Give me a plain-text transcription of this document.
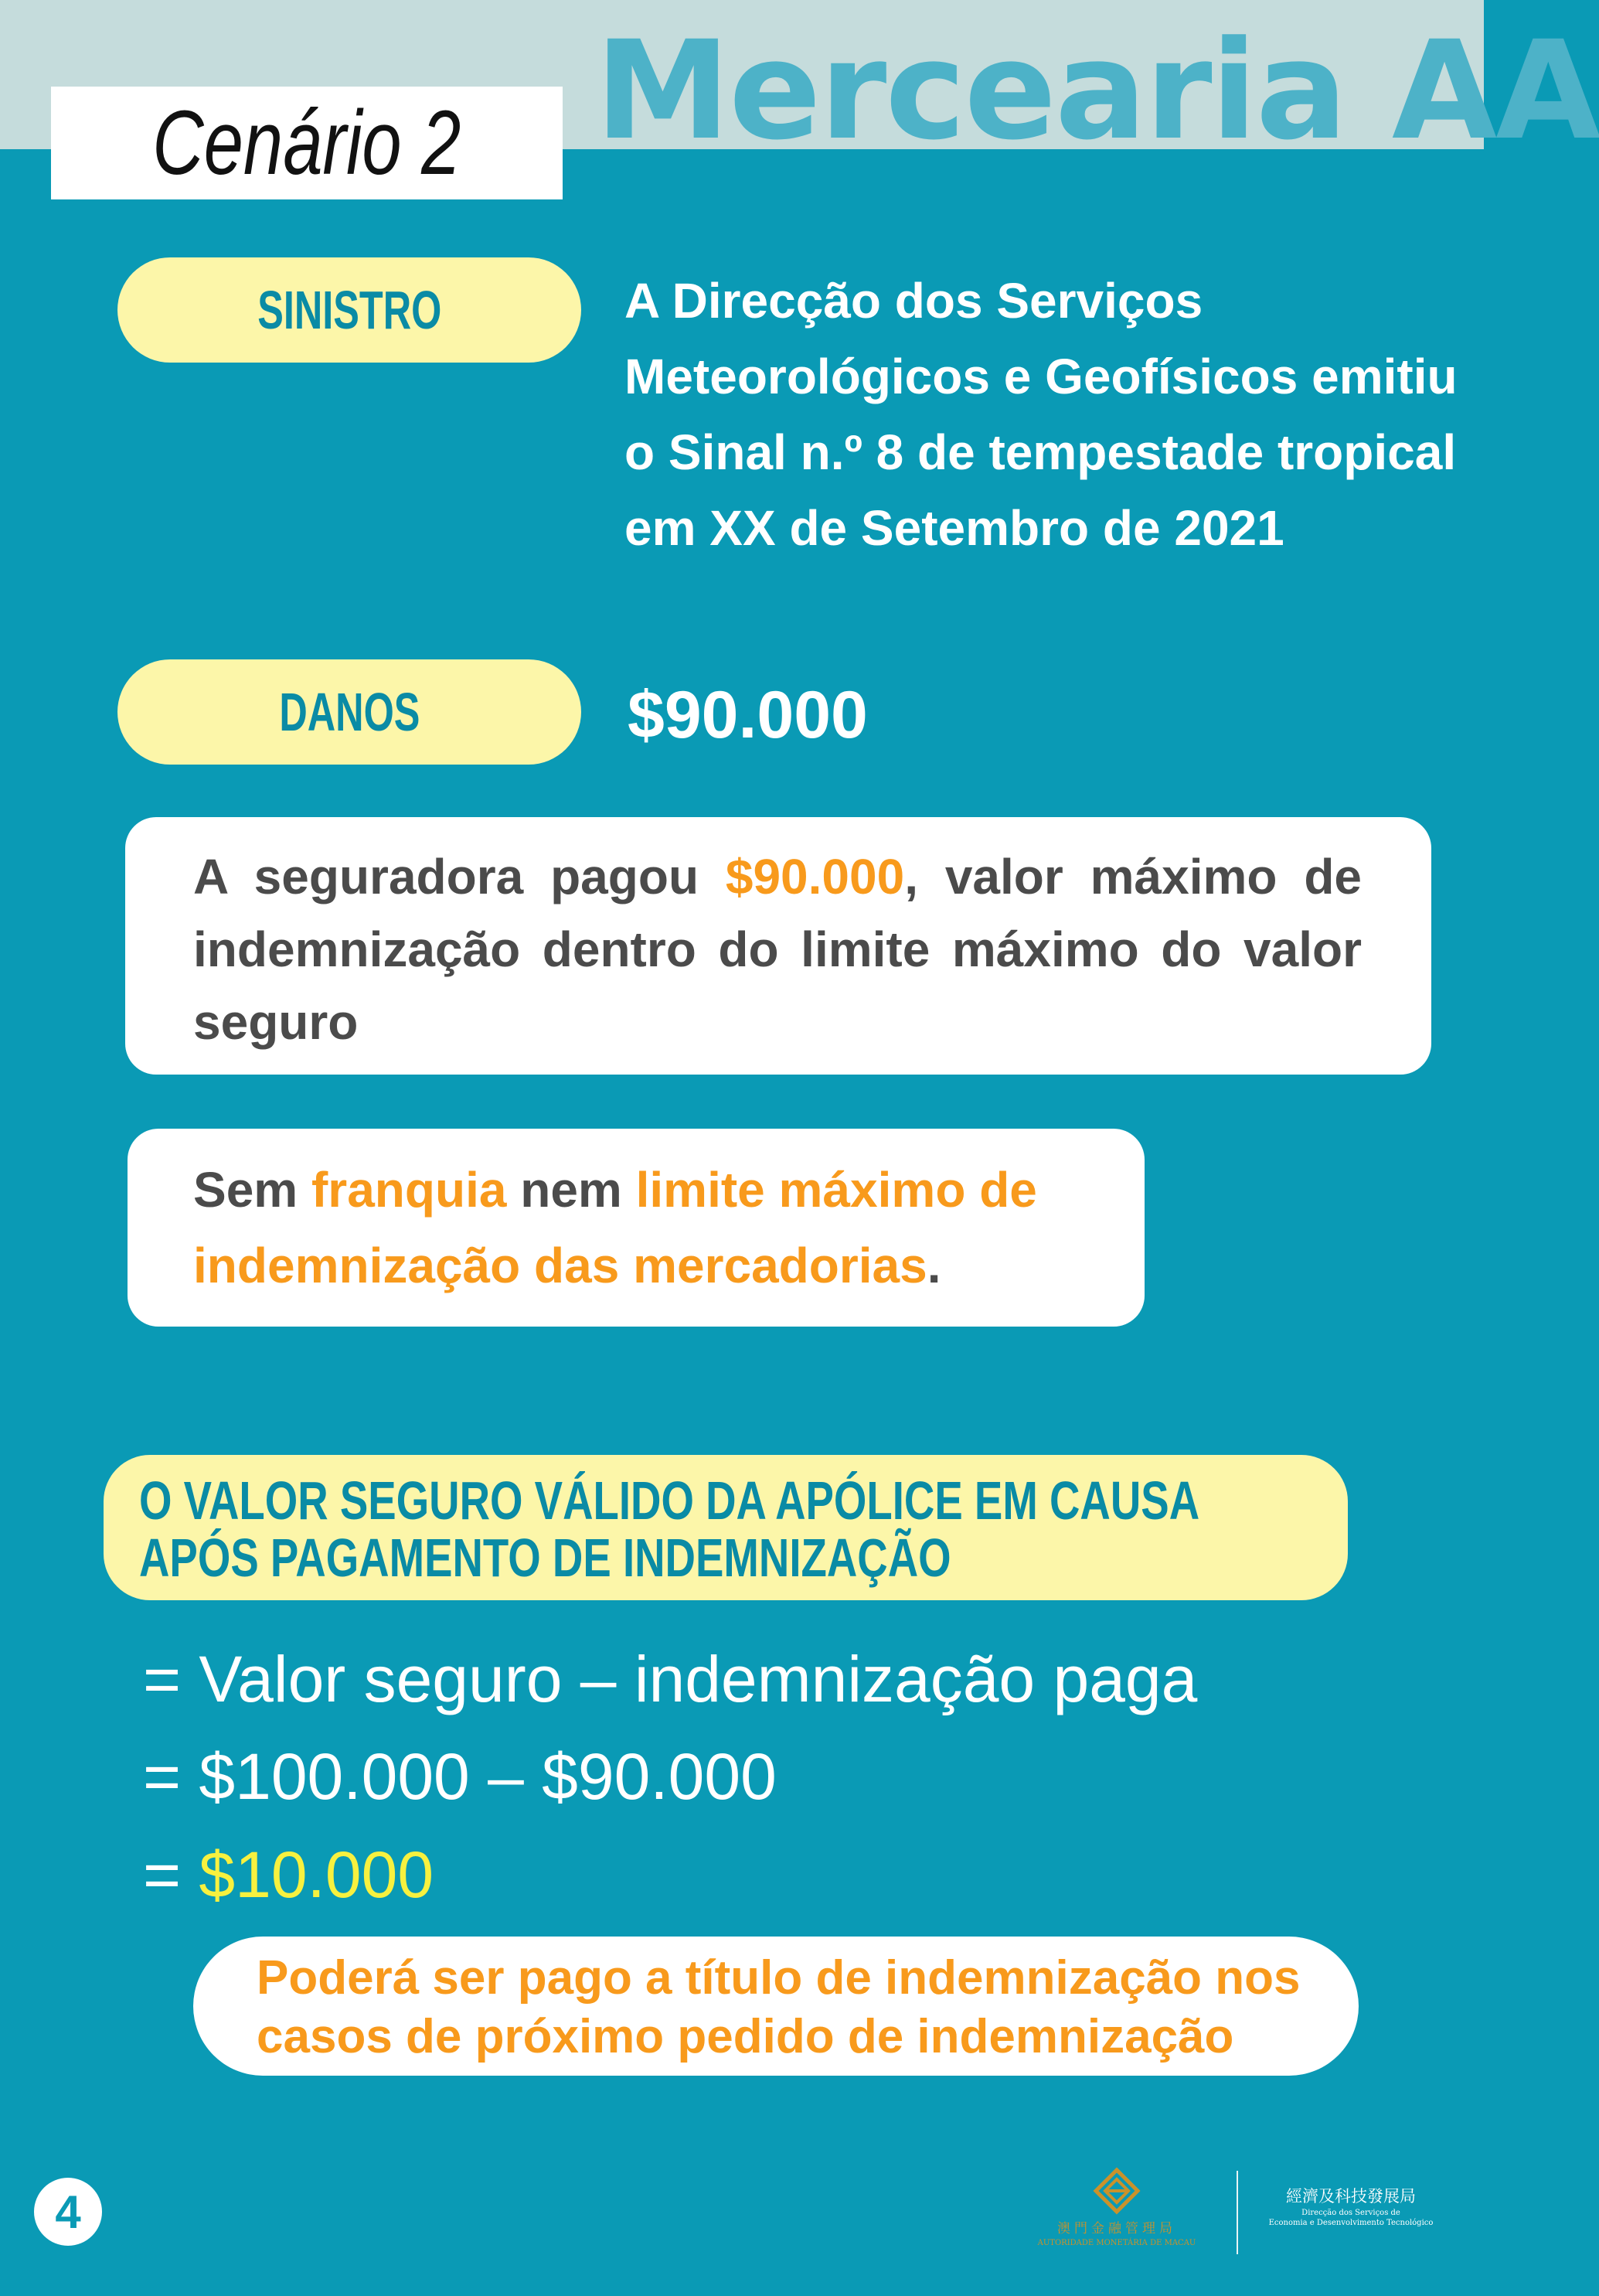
Mercearia AA
Cenário 2
SINISTRO	A Direcção dos Serviços Meteorológicos e Geofísicos emitiu o Sinal n.º 8 de tempestade tropical em XX de Setembro de 2021
DANOS	$90.000

A seguradora pagou $90.000, valor máximo de indemnização dentro do limite máximo do valor seguro

Sem franquia nem limite máximo de indemnização das mercadorias.

O VALOR SEGURO VÁLIDO DA APÓLICE EM CAUSA APÓS PAGAMENTO DE INDEMNIZAÇÃO

= Valor seguro – indemnização paga
= $100.000 – $90.000
= $10.000

Poderá ser pago a título de indemnização nos casos de próximo pedido de indemnização

4	澳門金融管理局
AUTORIDADE MONETÁRIA DE MACAU
經濟及科技發展局
Direcção dos Serviços de
Economia e Desenvolvimento Tecnológico
